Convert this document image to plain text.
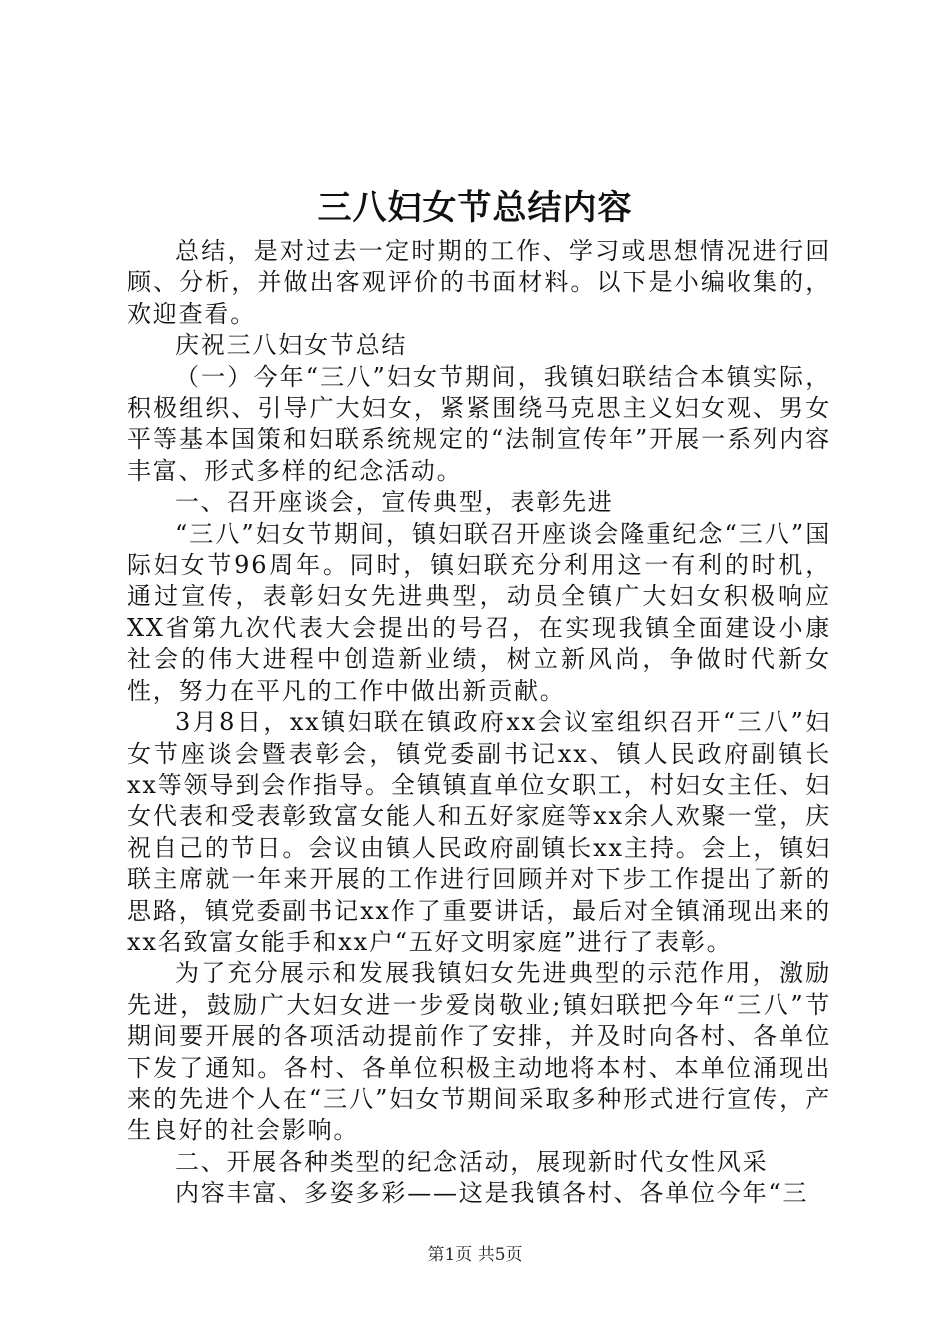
三八妇女节总结内容

总结，是对过去一定时期的工作、学习或思想情况进行回顾、分析，并做出客观评价的书面材料。以下是小编收集的，欢迎查看。

庆祝三八妇女节总结

（一）今年“三八”妇女节期间，我镇妇联结合本镇实际，积极组织、引导广大妇女，紧紧围绕马克思主义妇女观、男女平等基本国策和妇联系统规定的“法制宣传年”开展一系列内容丰富、形式多样的纪念活动。

一、召开座谈会，宣传典型，表彰先进

“三八”妇女节期间，镇妇联召开座谈会隆重纪念“三八”国际妇女节96周年。同时，镇妇联充分利用这一有利的时机，通过宣传，表彰妇女先进典型，动员全镇广大妇女积极响应XX省第九次代表大会提出的号召，在实现我镇全面建设小康社会的伟大进程中创造新业绩，树立新风尚，争做时代新女性，努力在平凡的工作中做出新贡献。

3月8日，xx镇妇联在镇政府xx会议室组织召开“三八”妇女节座谈会暨表彰会，镇党委副书记xx、镇人民政府副镇长xx等领导到会作指导。全镇镇直单位女职工，村妇女主任、妇女代表和受表彰致富女能人和五好家庭等xx余人欢聚一堂，庆祝自己的节日。会议由镇人民政府副镇长xx主持。会上，镇妇联主席就一年来开展的工作进行回顾并对下步工作提出了新的思路，镇党委副书记xx作了重要讲话，最后对全镇涌现出来的xx名致富女能手和xx户“五好文明家庭”进行了表彰。

为了充分展示和发展我镇妇女先进典型的示范作用，激励先进，鼓励广大妇女进一步爱岗敬业;镇妇联把今年“三八”节期间要开展的各项活动提前作了安排，并及时向各村、各单位下发了通知。各村、各单位积极主动地将本村、本单位涌现出来的先进个人在“三八”妇女节期间采取多种形式进行宣传，产生良好的社会影响。

二、开展各种类型的纪念活动，展现新时代女性风采

内容丰富、多姿多彩——这是我镇各村、各单位今年“三

第1页 共5页
